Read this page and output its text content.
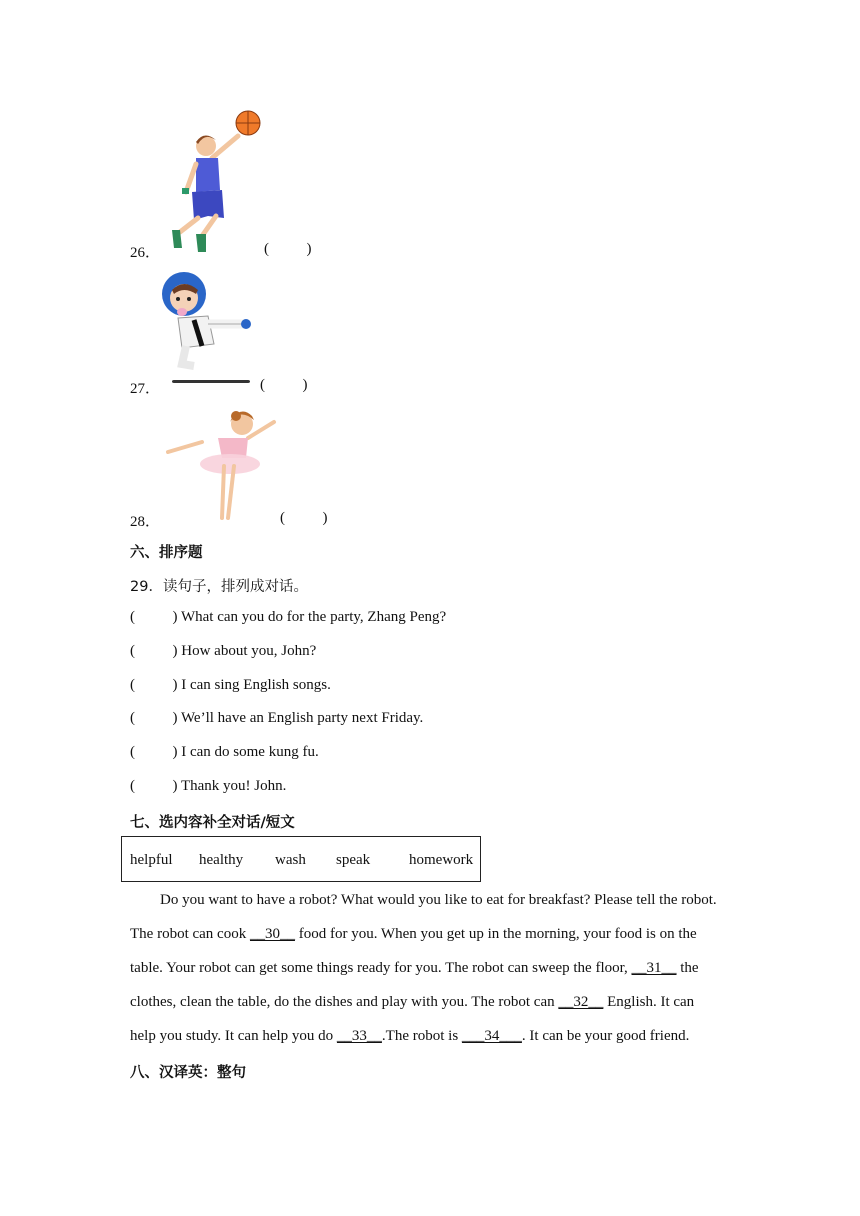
26．	(          )
27．	(          )
28．	(          )
六、排序题
29．读句子，排列成对话。
(          ) What can you do for the party, Zhang Peng?
(          ) How about you, John?
(          ) I can sing English songs.
(          ) We’ll have an English party next Friday.
(          ) I can do some kung fu.
(          ) Thank you! John.
七、选内容补全对话/短文
helpful healthy wash speak	homework
Do you want to have a robot? What would you like to eat for breakfast? Please tell the robot.
The robot can cook __30__ food for you. When you get up in the morning, your food is on the
table. Your robot can get some things ready for you. The robot can sweep the floor, __31__ the
clothes, clean the table, do the dishes and play with you. The robot can __32__ English. It can
help you study. It can help you do __33__.The robot is ___34___. It can be your good friend.
八、汉译英：整句
